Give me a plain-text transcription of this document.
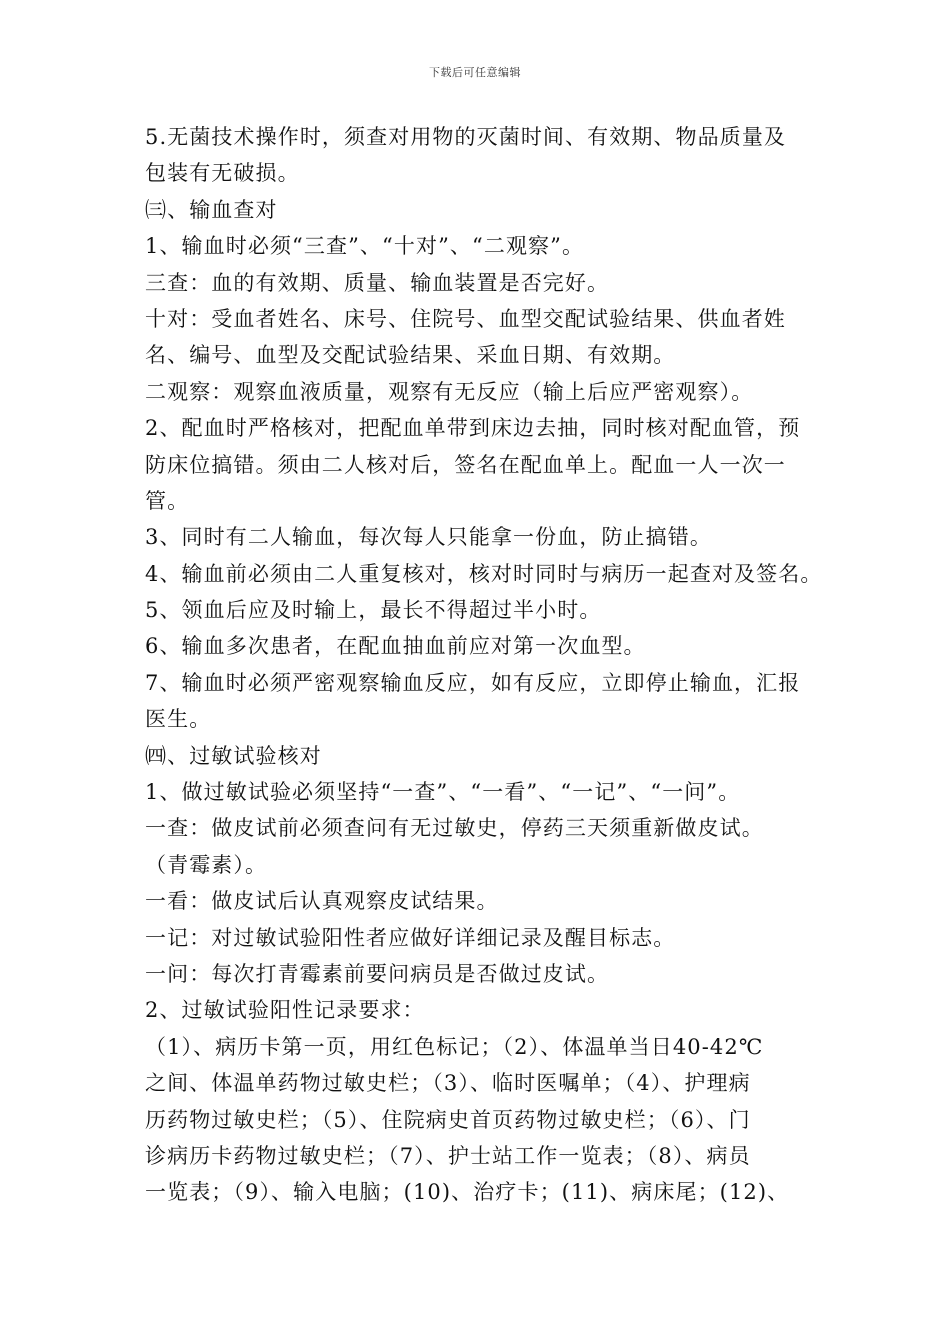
下载后可任意编辑
5.无菌技术操作时，须查对用物的灭菌时间、有效期、物品质量及
包装有无破损。
㈢、输血查对
1、输血时必须“三查”、“十对”、“二观察”。
三查：血的有效期、质量、输血装置是否完好。
十对：受血者姓名、床号、住院号、血型交配试验结果、供血者姓
名、编号、血型及交配试验结果、采血日期、有效期。
二观察：观察血液质量，观察有无反应（输上后应严密观察）。
2、配血时严格核对，把配血单带到床边去抽，同时核对配血管，预
防床位搞错。须由二人核对后，签名在配血单上。配血一人一次一
管。
3、同时有二人输血，每次每人只能拿一份血，防止搞错。
4、输血前必须由二人重复核对，核对时同时与病历一起查对及签名。
5、领血后应及时输上，最长不得超过半小时。
6、输血多次患者，在配血抽血前应对第一次血型。
7、输血时必须严密观察输血反应，如有反应，立即停止输血，汇报
医生。
㈣、过敏试验核对
1、做过敏试验必须坚持“一查”、“一看”、“一记”、“一问”。
一查：做皮试前必须查问有无过敏史，停药三天须重新做皮试。
（青霉素）。
一看：做皮试后认真观察皮试结果。
一记：对过敏试验阳性者应做好详细记录及醒目标志。
一问：每次打青霉素前要问病员是否做过皮试。
2、过敏试验阳性记录要求：
（1）、病历卡第一页，用红色标记；（2）、体温单当日40-42℃
之间、体温单药物过敏史栏；（3）、临时医嘱单；（4）、护理病
历药物过敏史栏；（5）、住院病史首页药物过敏史栏；（6）、门
诊病历卡药物过敏史栏；（7）、护士站工作一览表；（8）、病员
一览表；（9）、输入电脑；(10)、治疗卡；(11)、病床尾；(12)、
